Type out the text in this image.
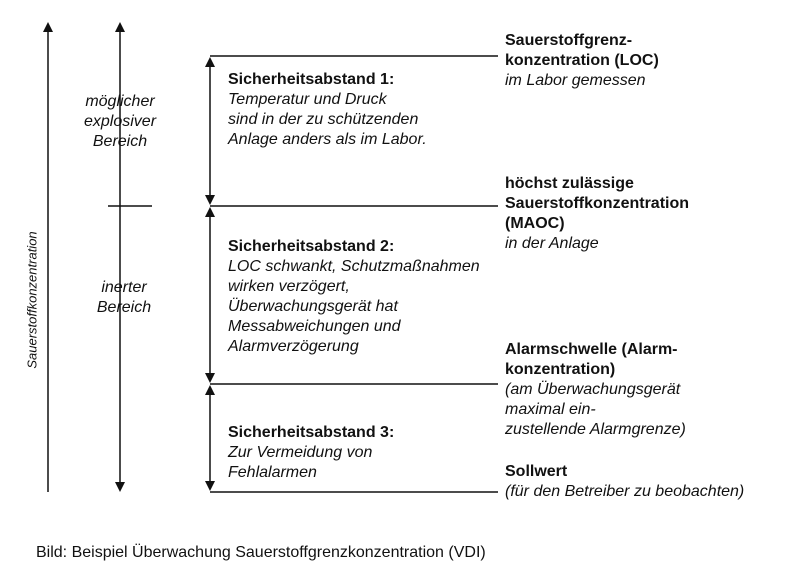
Sauerstoffkonzentration
möglicher
explosiver
Bereich
inerter
Bereich
Sicherheitsabstand 1:
Temperatur und Druck
sind in der zu schützenden
Anlage anders als im Labor.
Sicherheitsabstand 2:
LOC schwankt, Schutzmaßnahmen
wirken verzögert,
Überwachungsgerät hat
Messabweichungen und
Alarmverzögerung
Sicherheitsabstand 3:
Zur Vermeidung von
Fehlalarmen
Sauerstoffgrenz-
konzentration (LOC)
im Labor gemessen
höchst zulässige
Sauerstoffkonzentration
(MAOC)
in der Anlage
Alarmschwelle (Alarm-
konzentration)
(am Überwachungsgerät
maximal ein-
zustellende Alarmgrenze)
Sollwert
(für den Betreiber zu beobachten)
Bild: Beispiel Überwachung Sauerstoffgrenzkonzentration (VDI)
